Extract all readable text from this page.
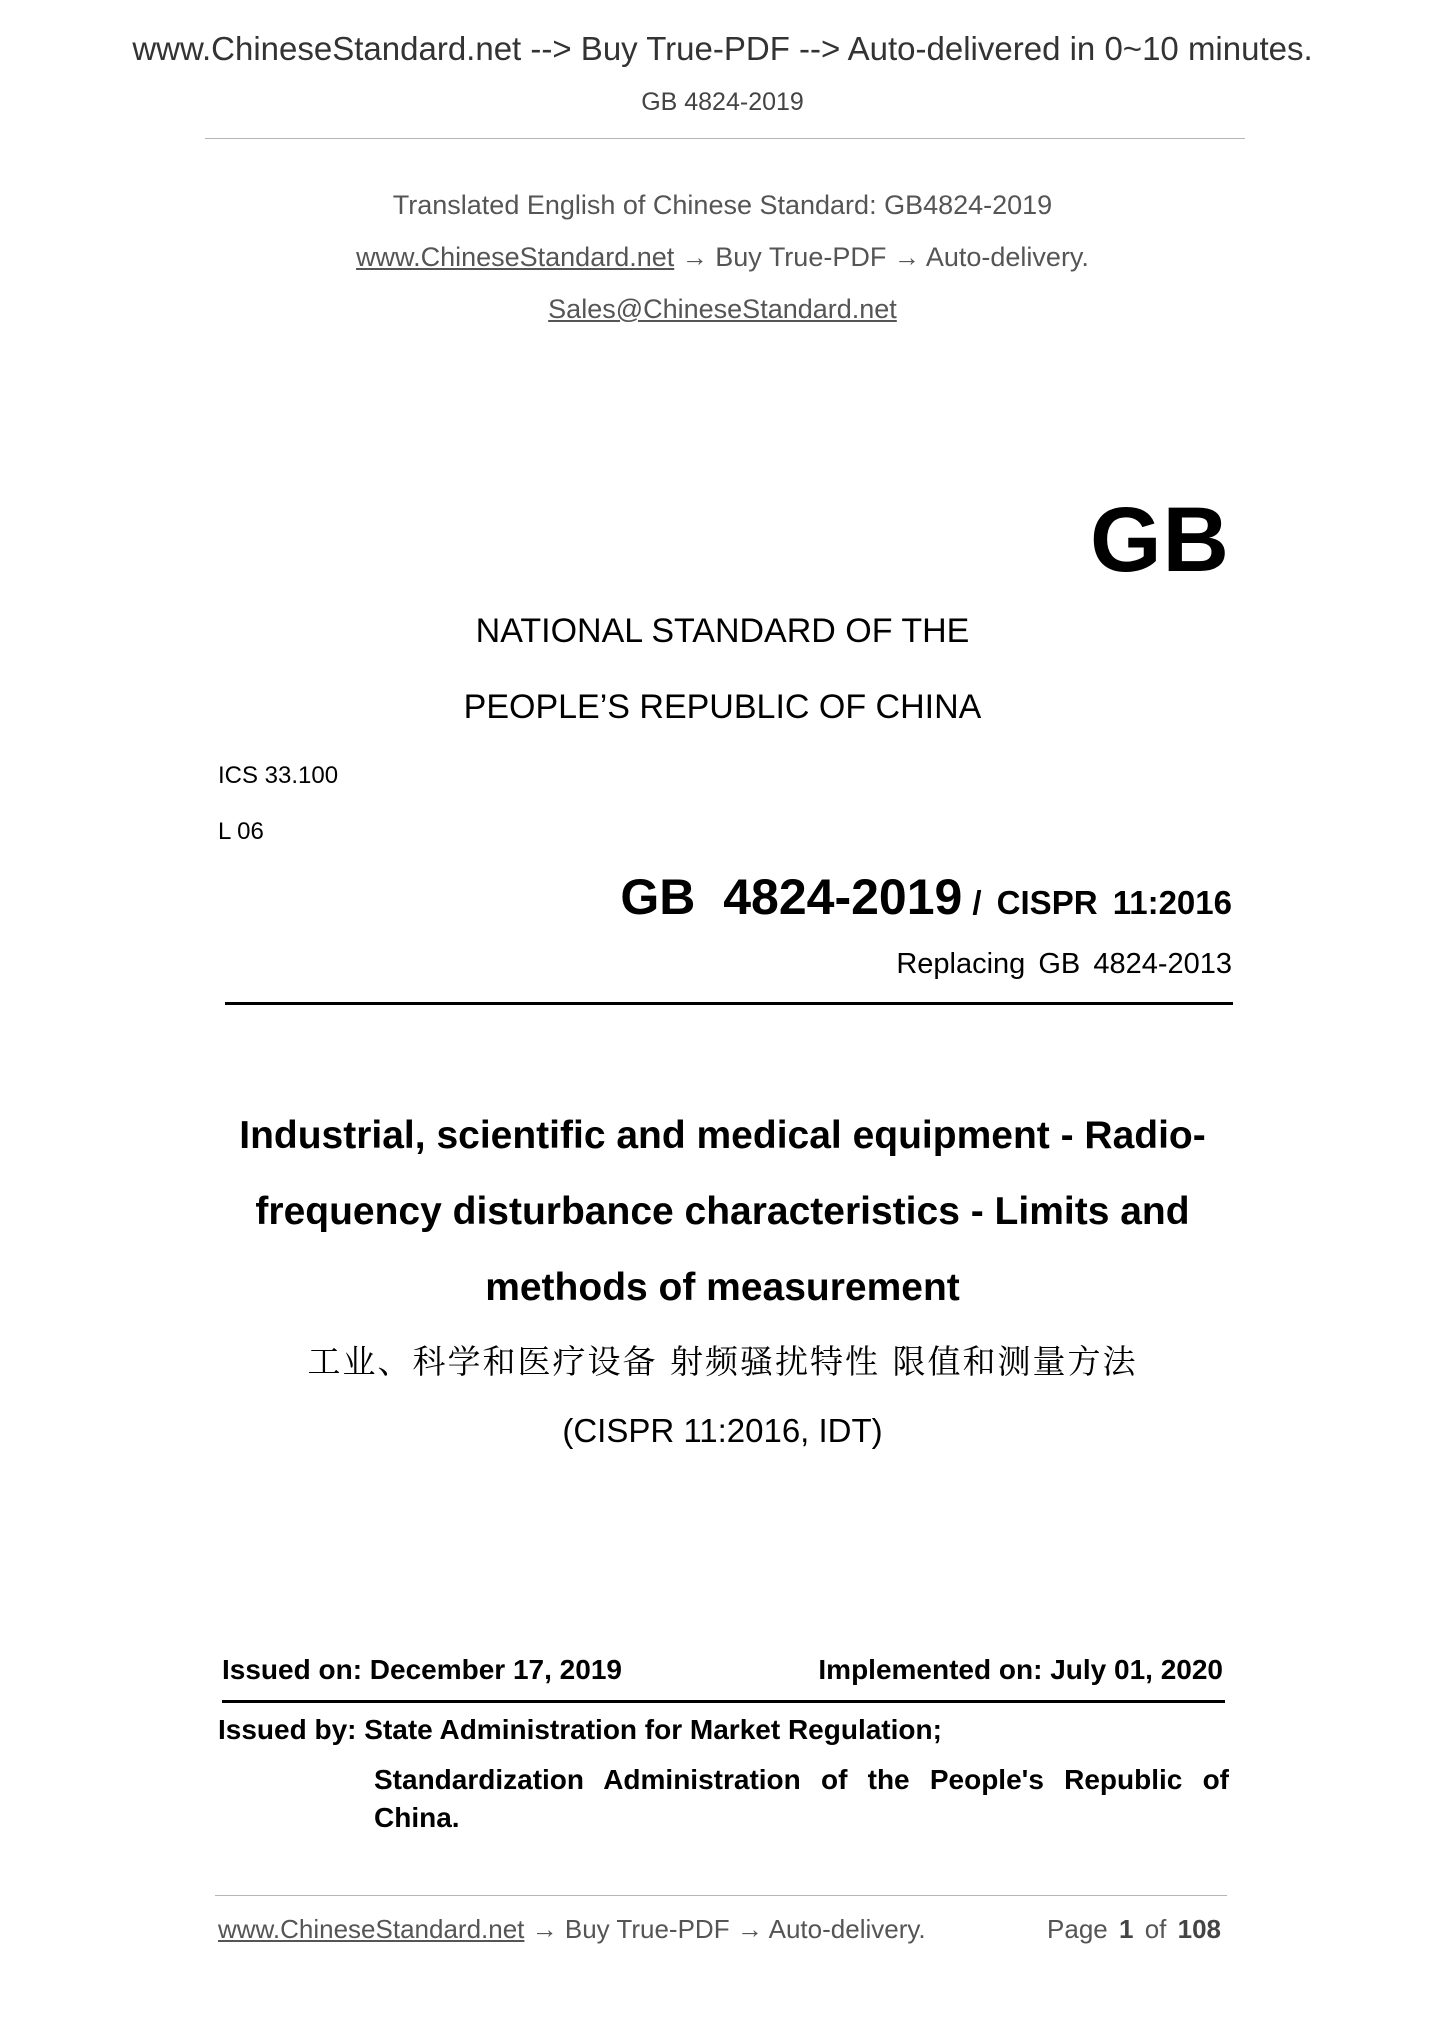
www.ChineseStandard.net --> Buy True-PDF --> Auto-delivered in 0~10 minutes.
GB 4824-2019
Translated English of Chinese Standard: GB4824-2019
www.ChineseStandard.net → Buy True-PDF → Auto-delivery.
Sales@ChineseStandard.net
GB
NATIONAL STANDARD OF THE
PEOPLE’S REPUBLIC OF CHINA
ICS 33.100
L 06
GB 4824-2019 / CISPR 11:2016
Replacing GB 4824-2013
Industrial, scientific and medical equipment - Radio-frequency disturbance characteristics - Limits and methods of measurement
工业、科学和医疗设备 射频骚扰特性 限值和测量方法
(CISPR 11:2016, IDT)
Issued on: December 17, 2019	Implemented on: July 01, 2020
Issued by: State Administration for Market Regulation;
Standardization Administration of the People's Republic of China.
www.ChineseStandard.net → Buy True-PDF → Auto-delivery.	Page 1 of 108
